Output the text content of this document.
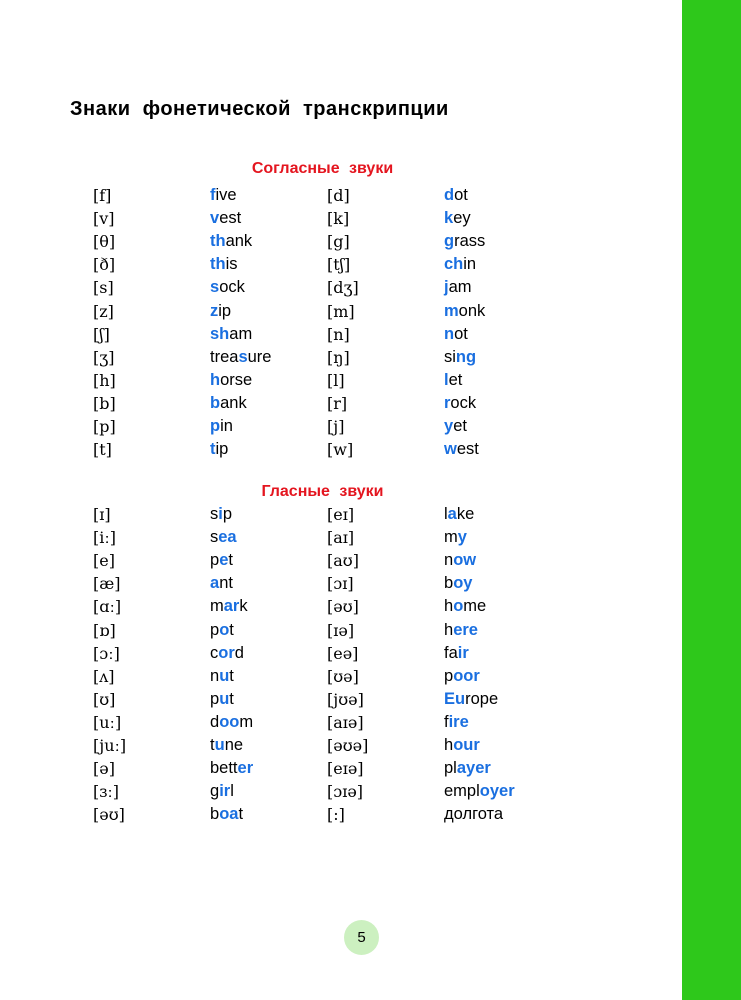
Знаки фонетической транскрипции
Согласные звуки
[f]	five	[d]	dot
[v]	vest	[k]	key
[θ]	thank	[g]	grass
[ð]	this	[tʃ]	chin
[s]	sock	[dʒ]	jam
[z]	zip	[m]	monk
[ʃ]	sham	[n]	not
[ʒ]	treasure	[ŋ]	sing
[h]	horse	[l]	let
[b]	bank	[r]	rock
[p]	pin	[j]	yet
[t]	tip	[w]	west
Гласные звуки
[ɪ]	sip	[eɪ]	lake
[iː]	sea	[aɪ]	my
[e]	pet	[aʊ]	now
[æ]	ant	[ɔɪ]	boy
[ɑː]	mark	[əʊ]	home
[ɒ]	pot	[ɪə]	here
[ɔː]	cord	[eə]	fair
[ʌ]	nut	[ʊə]	poor
[ʊ]	put	[jʊə]	Europe
[uː]	doom	[aɪə]	fire
[juː]	tune	[əʊə]	hour
[ə]	better	[eɪə]	player
[ɜː]	girl	[ɔɪə]	employer
[əʊ]	boat	[:]	долгота
5
